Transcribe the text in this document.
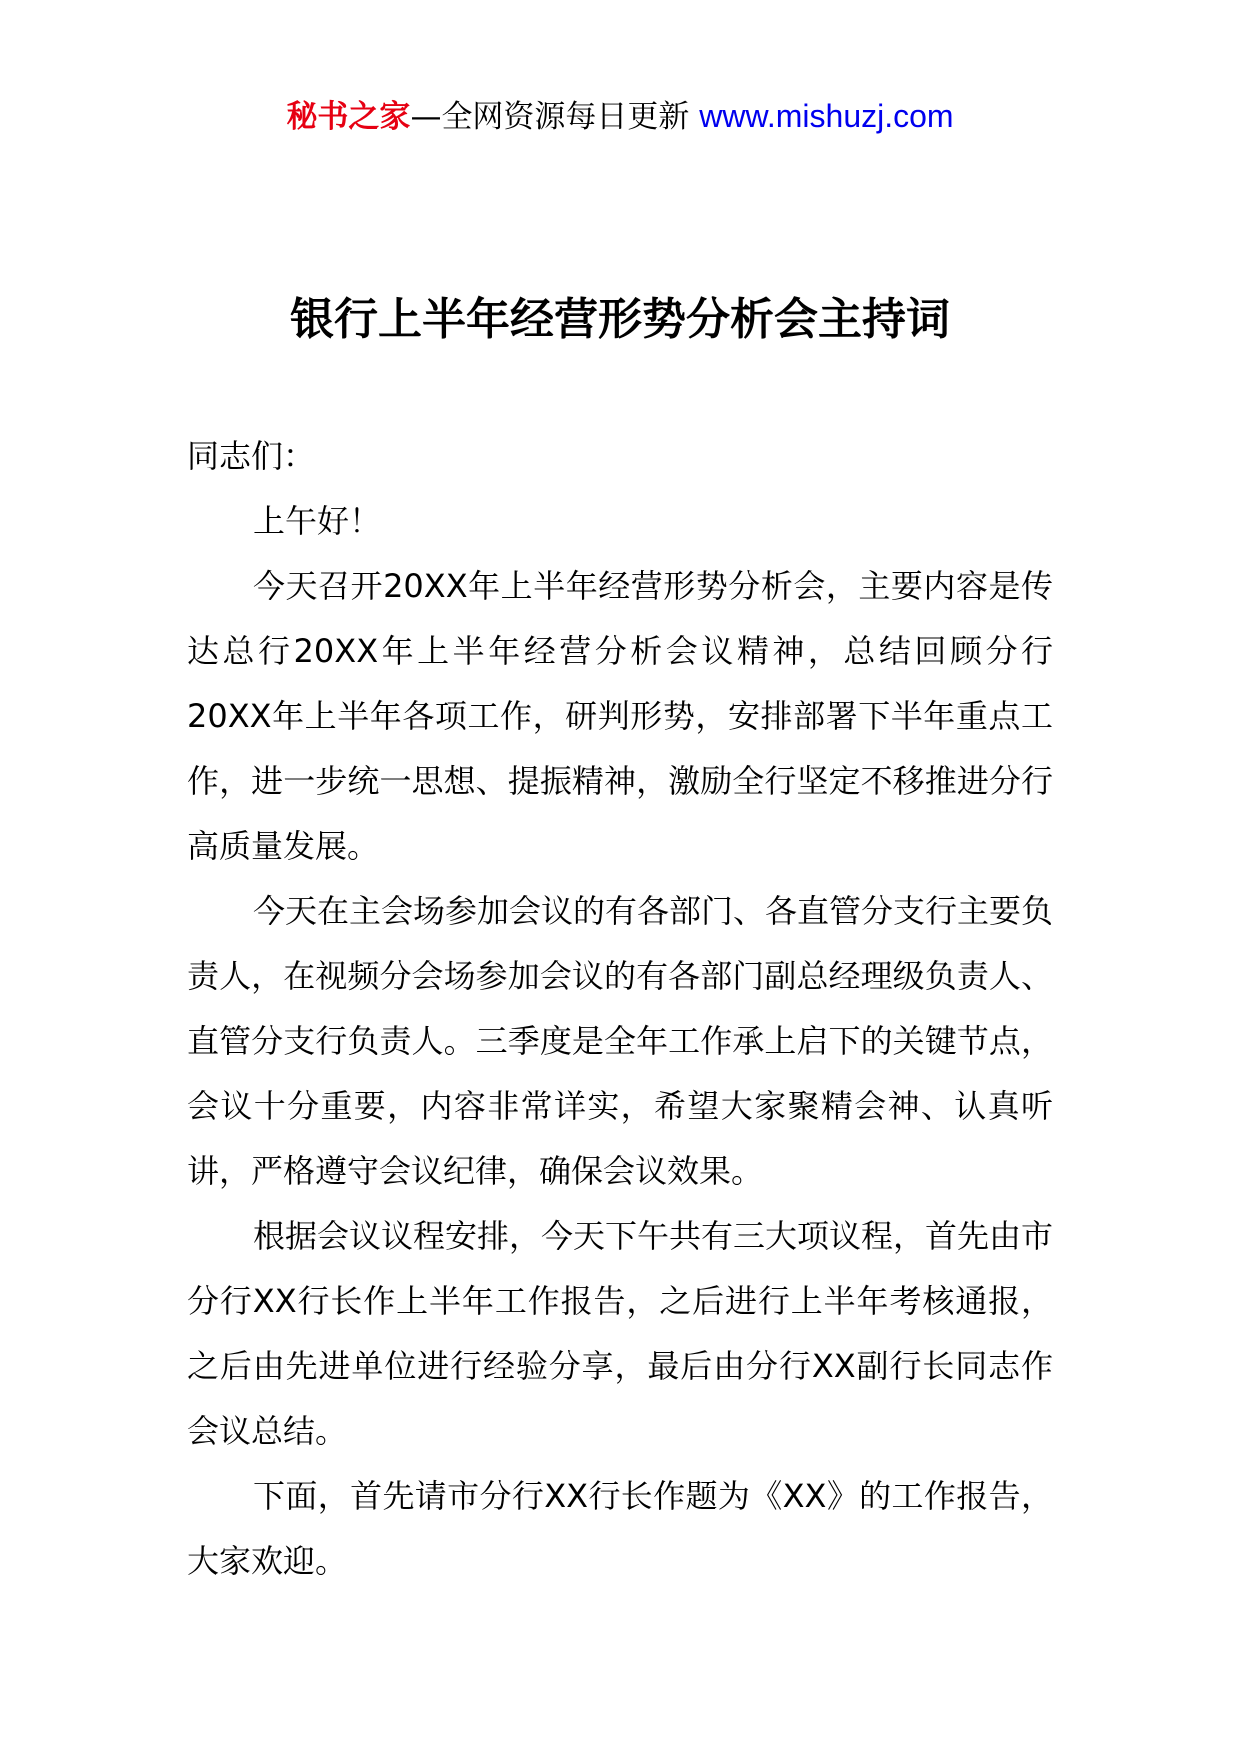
秘书之家—全网资源每日更新 www.mishuzj.com
银行上半年经营形势分析会主持词

同志们：

上午好！

今天召开20XX年上半年经营形势分析会，主要内容是传达总行20XX年上半年经营分析会议精神，总结回顾分行20XX年上半年各项工作，研判形势，安排部署下半年重点工作，进一步统一思想、提振精神，激励全行坚定不移推进分行高质量发展。

今天在主会场参加会议的有各部门、各直管分支行主要负责人，在视频分会场参加会议的有各部门副总经理级负责人、直管分支行负责人。三季度是全年工作承上启下的关键节点，会议十分重要，内容非常详实，希望大家聚精会神、认真听讲，严格遵守会议纪律，确保会议效果。

根据会议议程安排，今天下午共有三大项议程，首先由市分行XX行长作上半年工作报告，之后进行上半年考核通报，之后由先进单位进行经验分享，最后由分行XX副行长同志作会议总结。

下面，首先请市分行XX行长作题为《XX》的工作报告，大家欢迎。
